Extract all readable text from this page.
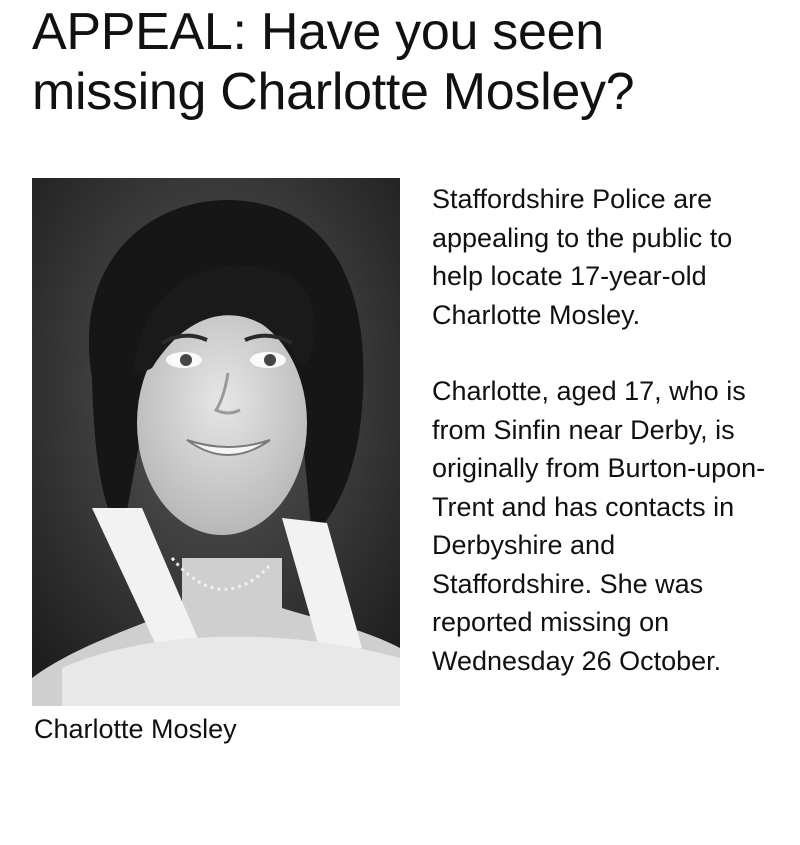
APPEAL: Have you seen missing Charlotte Mosley?

Charlotte Mosley

Staffordshire Police are appealing to the public to help locate 17-year-old Charlotte Mosley.

Charlotte, aged 17, who is from Sinfin near Derby, is originally from Burton-upon-Trent and has contacts in Derbyshire and Staffordshire. She was reported missing on Wednesday 26 October.
